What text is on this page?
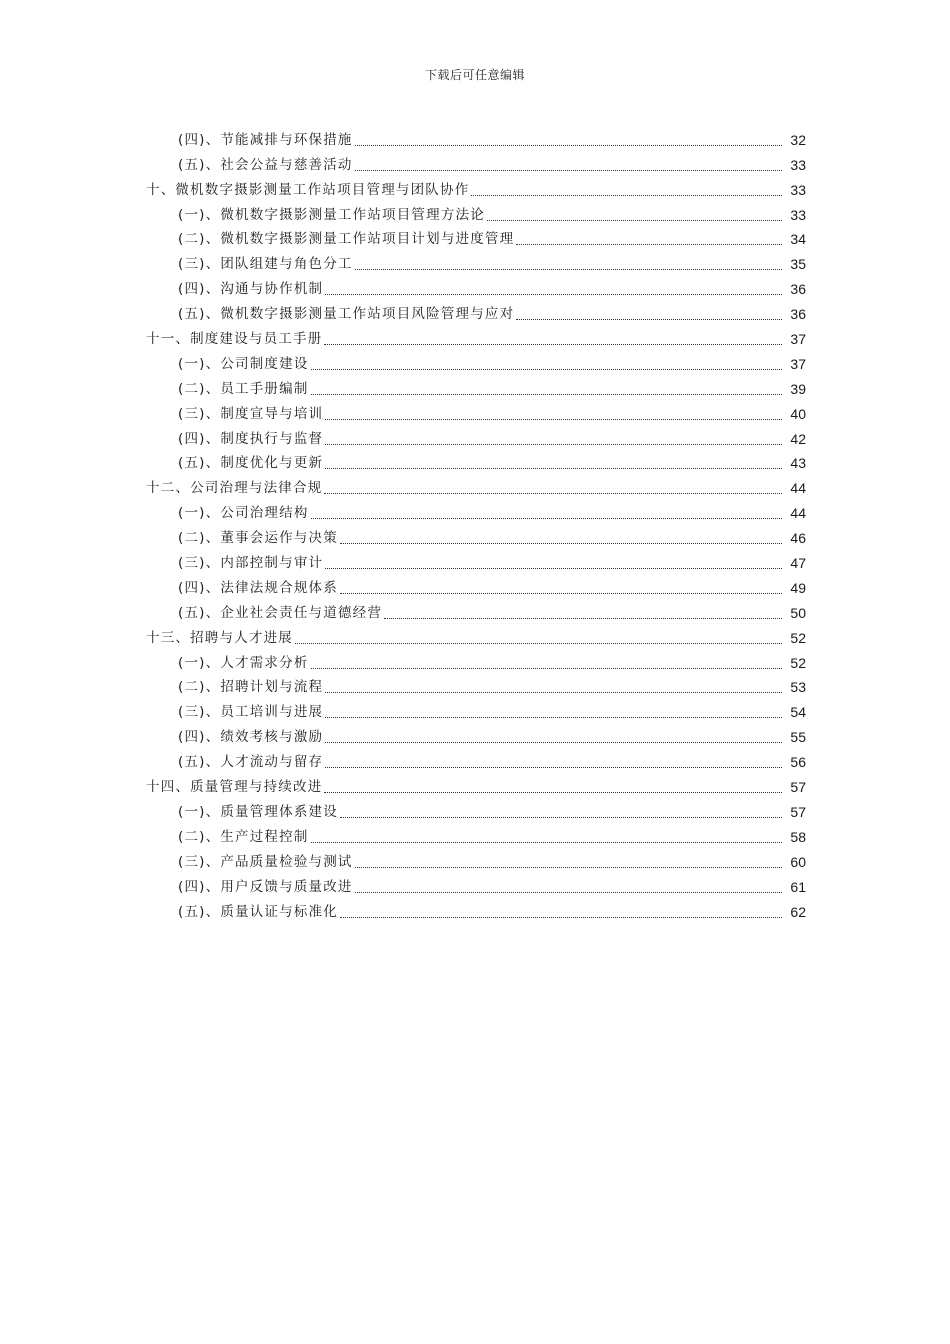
下载后可任意编辑
(四)、节能减排与环保措施	32
(五)、社会公益与慈善活动	33
十、微机数字摄影测量工作站项目管理与团队协作	33
(一)、微机数字摄影测量工作站项目管理方法论	33
(二)、微机数字摄影测量工作站项目计划与进度管理	34
(三)、团队组建与角色分工	35
(四)、沟通与协作机制	36
(五)、微机数字摄影测量工作站项目风险管理与应对	36
十一、制度建设与员工手册	37
(一)、公司制度建设	37
(二)、员工手册编制	39
(三)、制度宣导与培训	40
(四)、制度执行与监督	42
(五)、制度优化与更新	43
十二、公司治理与法律合规	44
(一)、公司治理结构	44
(二)、董事会运作与决策	46
(三)、内部控制与审计	47
(四)、法律法规合规体系	49
(五)、企业社会责任与道德经营	50
十三、招聘与人才进展	52
(一)、人才需求分析	52
(二)、招聘计划与流程	53
(三)、员工培训与进展	54
(四)、绩效考核与激励	55
(五)、人才流动与留存	56
十四、质量管理与持续改进	57
(一)、质量管理体系建设	57
(二)、生产过程控制	58
(三)、产品质量检验与测试	60
(四)、用户反馈与质量改进	61
(五)、质量认证与标准化	62
